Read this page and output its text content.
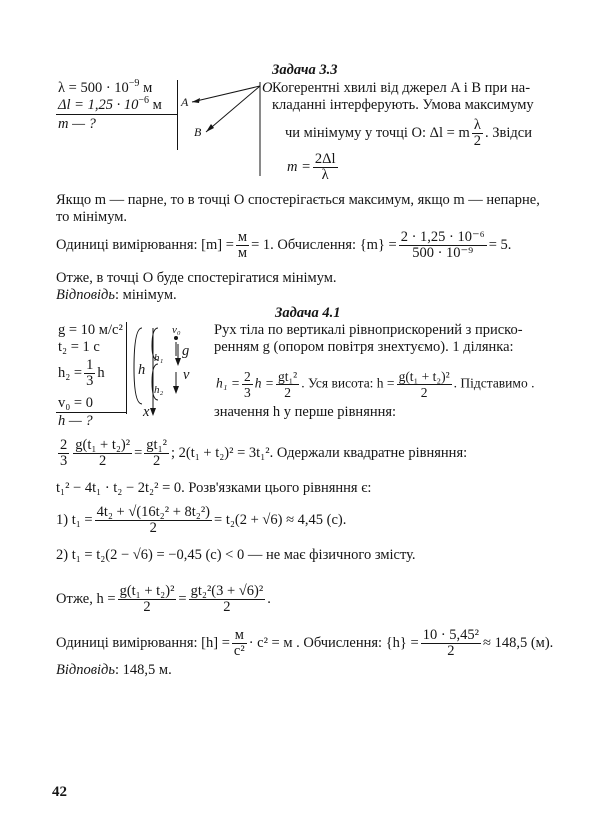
Задача 3.3
$\lambda = 500 \cdot 10^{-9}$ м
$\Delta l = 1,25 \cdot 10^{-6}$ м
m — ?
A
B
O Когерентні хвилі від джерел A і B при на-
кладанні інтерферують. Умова максимуму
чи мінімуму у точці O: Δl = m $\frac{\lambda}{2}$ . Звідси
$m = \frac{2\Delta l}{\lambda}$
Якщо m — парне, то в точці O спостерігається максимум, якщо m — непарне,
то мінімум.
Одиниці вимірювання: $[m] = \frac{м}{м} = 1$. Обчислення: $\{m\} = \frac{\text{2 · 1,25 · 10⁻⁶}}{\text{500 · 10⁻⁹}} = 5$.
Отже, в точці O буде спостерігатися мінімум.
Відповідь: мінімум.
Задача 4.1
g = 10 м/c²
t₂ = 1 c
$h_2 = \frac{1}{3}$ h
v₀ = 0
h — ?
v₀
h₁ g
h
h₂
v
x
Рух тіла по вертикалі рівноприскорений з приско-
ренням g (опором повітря знехтуємо). 1 ділянка:
$h_1 = \frac{2}{3}$ $h = \frac{\text{gt₁²}}{2}$ . Уся висота: $h = \frac{\text{g(t₁ + t₂)²}}{2}$ . Підставимо .
значення h у перше рівняння:
$\frac{2}{3} \frac{\text{g(t₁ + t₂)²}}{2} = \frac{\text{gt₁²}}{2}$ ; 2(t₁ + t₂)² = 3t₁². Одержали квадратне рівняння:
t₁² − 4t₁ · t₂ − 2t₂² = 0. Розв'язками цього рівняння є:
1) $t_1 = \frac{\text{4t₂ + √(16t₂² + 8t₂²)}}{2} = t_2(2 + √6) \approx 4,45$ (c).
2) t₁ = t₂(2 − √6) = −0,45 (c) < 0 — не має фізичного змісту.
Отже, $h = \frac{\text{g(t₁ + t₂)²}}{2} = \frac{\text{gt₂²(3 + √6)²}}{2}$ .
Одиниці вимірювання: $[h] = \frac{м}{\text{c²}} \cdot c^2 = м$ . Обчислення: $\{h\} = \frac{\text{10 · 5,45²}}{2} \approx 148,5$ (м).
Відповідь: 148,5 м.
42
